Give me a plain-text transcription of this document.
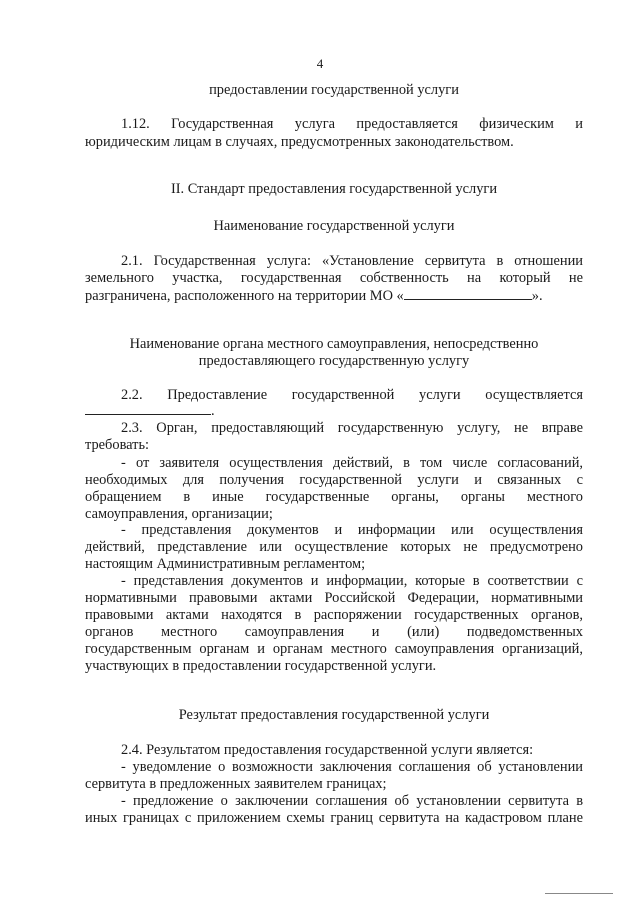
4
предоставлении государственной услуги
1.12. Государственная услуга предоставляется физическим и
юридическим лицам в случаях, предусмотренных законодательством.
II. Стандарт предоставления государственной услуги
Наименование государственной услуги
2.1. Государственная услуга: «Установление сервитута в отношении
земельного участка, государственная собственность на который не
разграничена, расположенного на территории МО «	».
Наименование органа местного самоуправления, непосредственно
предоставляющего государственную услугу
2.2. Предоставление государственной услуги осуществляется
.
2.3. Орган, предоставляющий государственную услугу, не вправе
требовать:
- от заявителя осуществления действий, в том числе согласований,
необходимых для получения государственной услуги и связанных с
обращением в иные государственные органы, органы местного
самоуправления, организации;
- представления документов и информации или осуществления
действий, представление или осуществление которых не предусмотрено
настоящим Административным регламентом;
- представления документов и информации, которые в соответствии с
нормативными правовыми актами Российской Федерации, нормативными
правовыми актами находятся в распоряжении государственных органов,
органов местного самоуправления и (или) подведомственных
государственным органам и органам местного самоуправления организаций,
участвующих в предоставлении государственной услуги.
Результат предоставления государственной услуги
2.4. Результатом предоставления государственной услуги является:
- уведомление о возможности заключения соглашения об установлении
сервитута в предложенных заявителем границах;
- предложение о заключении соглашения об установлении сервитута в
иных границах с приложением схемы границ сервитута на кадастровом плане
